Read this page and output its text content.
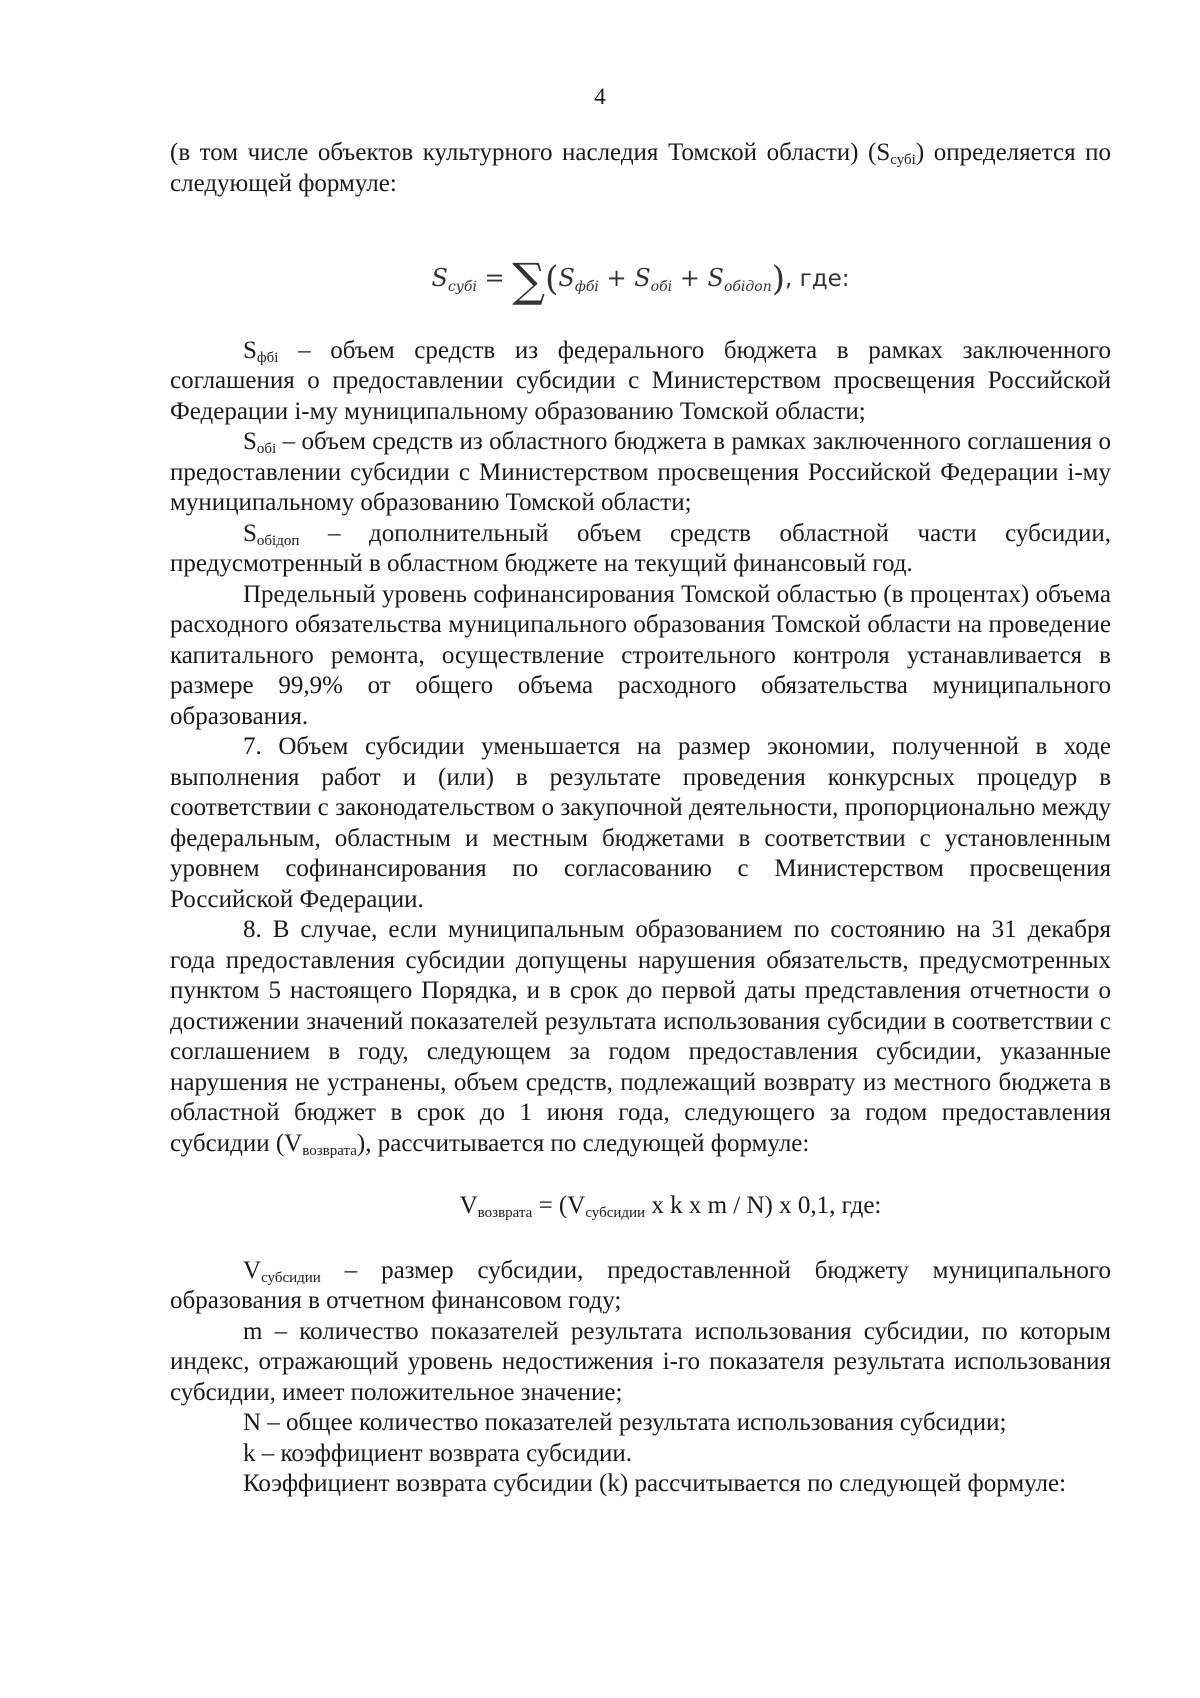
4

(в том числе объектов культурного наследия Томской области) $(S_{субi})$ определяется по следующей формуле:

$S_{субi} = \sum(S_{фбi} + S_{обi} + S_{обiдоп})$, где:

$S_{фбi}$ – объем средств из федерального бюджета в рамках заключенного соглашения о предоставлении субсидии с Министерством просвещения Российской Федерации i-му муниципальному образованию Томской области;

$S_{обi}$ – объем средств из областного бюджета в рамках заключенного соглашения о предоставлении субсидии с Министерством просвещения Российской Федерации i-му муниципальному образованию Томской области;

$S_{обiдоп}$ – дополнительный объем средств областной части субсидии, предусмотренный в областном бюджете на текущий финансовый год.

Предельный уровень софинансирования Томской областью (в процентах) объема расходного обязательства муниципального образования Томской области на проведение капитального ремонта, осуществление строительного контроля устанавливается в размере 99,9% от общего объема расходного обязательства муниципального образования.

7. Объем субсидии уменьшается на размер экономии, полученной в ходе выполнения работ и (или) в результате проведения конкурсных процедур в соответствии с законодательством о закупочной деятельности, пропорционально между федеральным, областным и местным бюджетами в соответствии с установленным уровнем софинансирования по согласованию с Министерством просвещения Российской Федерации.

8. В случае, если муниципальным образованием по состоянию на 31 декабря года предоставления субсидии допущены нарушения обязательств, предусмотренных пунктом 5 настоящего Порядка, и в срок до первой даты представления отчетности о достижении значений показателей результата использования субсидии в соответствии с соглашением в году, следующем за годом предоставления субсидии, указанные нарушения не устранены, объем средств, подлежащий возврату из местного бюджета в областной бюджет в срок до 1 июня года, следующего за годом предоставления субсидии $(V_{возврата})$, рассчитывается по следующей формуле:

$V_{возврата} = (V_{субсидии}$ x k x m / N) x 0,1, где:

$V_{субсидии}$ – размер субсидии, предоставленной бюджету муниципального образования в отчетном финансовом году;

m – количество показателей результата использования субсидии, по которым индекс, отражающий уровень недостижения i-го показателя результата использования субсидии, имеет положительное значение;

N – общее количество показателей результата использования субсидии;

k – коэффициент возврата субсидии.

Коэффициент возврата субсидии (k) рассчитывается по следующей формуле:
